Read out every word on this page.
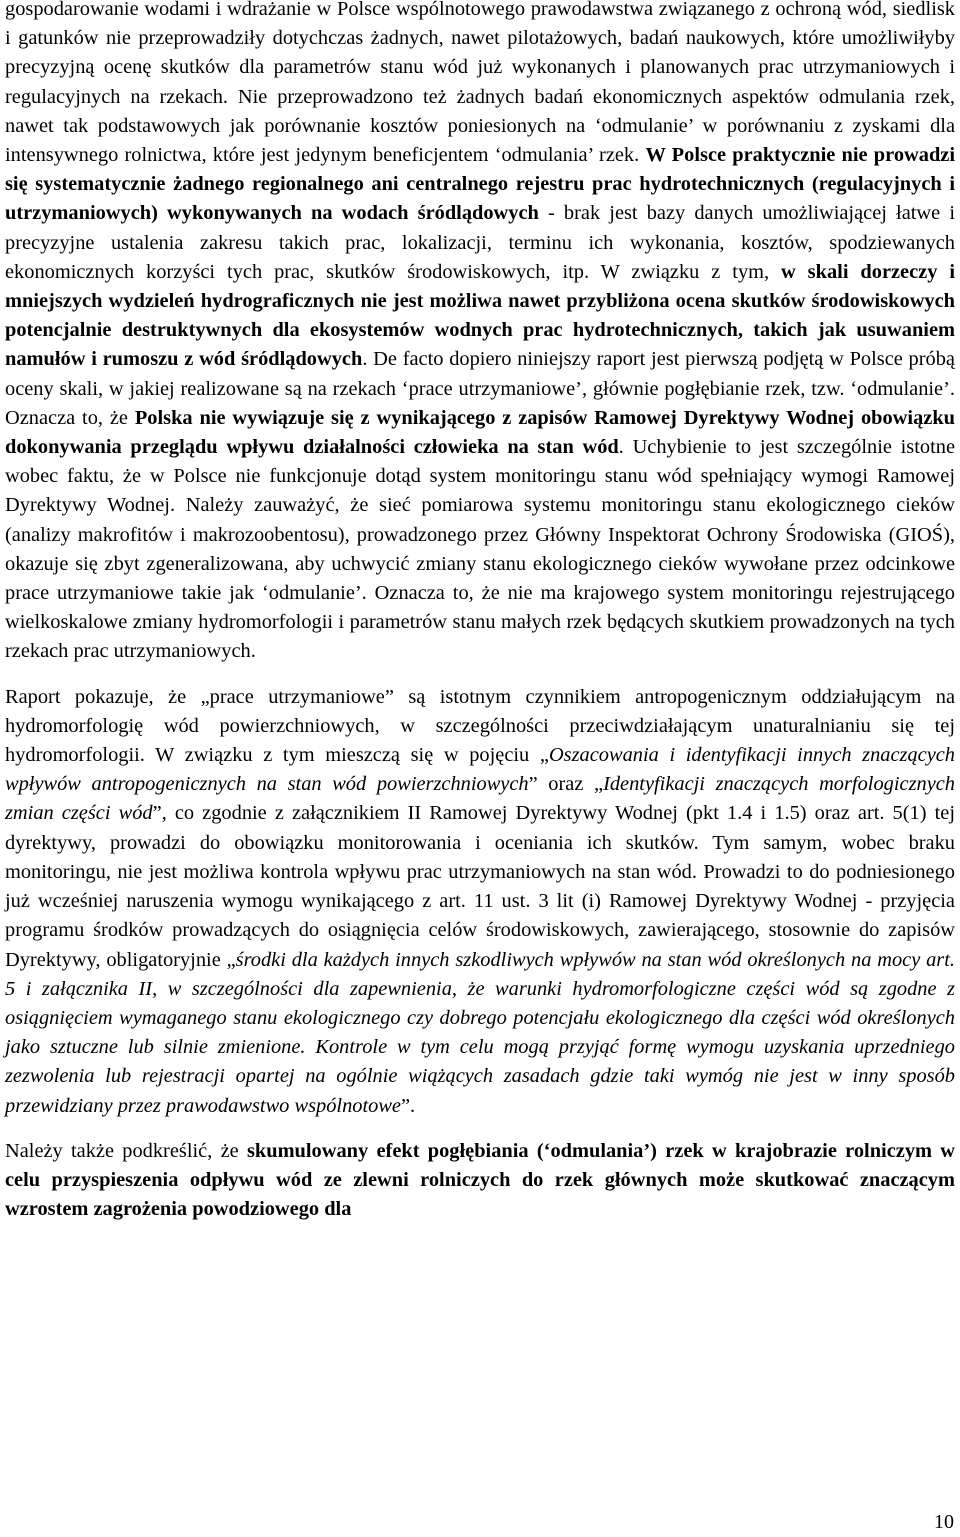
gospodarowanie wodami i wdrażanie w Polsce wspólnotowego prawodawstwa związanego z ochroną wód, siedlisk i gatunków nie przeprowadziły dotychczas żadnych, nawet pilotażowych, badań naukowych, które umożliwiłyby precyzyjną ocenę skutków dla parametrów stanu wód już wykonanych i planowanych prac utrzymaniowych i regulacyjnych na rzekach. Nie przeprowadzono też żadnych badań ekonomicznych aspektów odmulania rzek, nawet tak podstawowych jak porównanie kosztów poniesionych na ‘odmulanie’ w porównaniu z zyskami dla intensywnego rolnictwa, które jest jedynym beneficjentem ‘odmulania’ rzek. W Polsce praktycznie nie prowadzi się systematycznie żadnego regionalnego ani centralnego rejestru prac hydrotechnicznych (regulacyjnych i utrzymaniowych) wykonywanych na wodach śródlądowych - brak jest bazy danych umożliwiającej łatwe i precyzyjne ustalenia zakresu takich prac, lokalizacji, terminu ich wykonania, kosztów, spodziewanych ekonomicznych korzyści tych prac, skutków środowiskowych, itp. W związku z tym, w skali dorzeczy i mniejszych wydzieleń hydrograficznych nie jest możliwa nawet przybliżona ocena skutków środowiskowych potencjalnie destruktywnych dla ekosystemów wodnych prac hydrotechnicznych, takich jak usuwaniem namułów i rumoszu z wód śródlądowych. De facto dopiero niniejszy raport jest pierwszą podjętą w Polsce próbą oceny skali, w jakiej realizowane są na rzekach ‘prace utrzymaniowe’, głównie pogłębianie rzek, tzw. ‘odmulanie’. Oznacza to, że Polska nie wywiązuje się z wynikającego z zapisów Ramowej Dyrektywy Wodnej obowiązku dokonywania przeglądu wpływu działalności człowieka na stan wód. Uchybienie to jest szczególnie istotne wobec faktu, że w Polsce nie funkcjonuje dotąd system monitoringu stanu wód spełniający wymogi Ramowej Dyrektywy Wodnej. Należy zauważyć, że sieć pomiarowa systemu monitoringu stanu ekologicznego cieków (analizy makrofitów i makrozoobentosu), prowadzonego przez Główny Inspektorat Ochrony Środowiska (GIOŚ), okazuje się zbyt zgeneralizowana, aby uchwycić zmiany stanu ekologicznego cieków wywołane przez odcinkowe prace utrzymaniowe takie jak ‘odmulanie’. Oznacza to, że nie ma krajowego system monitoringu rejestrującego wielkoskalowe zmiany hydromorfologii i parametrów stanu małych rzek będących skutkiem prowadzonych na tych rzekach prac utrzymaniowych.

Raport pokazuje, że „prace utrzymaniowe” są istotnym czynnikiem antropogenicznym oddziałującym na hydromorfologię wód powierzchniowych, w szczególności przeciwdziałającym unaturalnianiu się tej hydromorfologii. W związku z tym mieszczą się w pojęciu „Oszacowania i identyfikacji innych znaczących wpływów antropogenicznych na stan wód powierzchniowych” oraz „Identyfikacji znaczących morfologicznych zmian części wód”, co zgodnie z załącznikiem II Ramowej Dyrektywy Wodnej (pkt 1.4 i 1.5) oraz art. 5(1) tej dyrektywy, prowadzi do obowiązku monitorowania i oceniania ich skutków. Tym samym, wobec braku monitoringu, nie jest możliwa kontrola wpływu prac utrzymaniowych na stan wód. Prowadzi to do podniesionego już wcześniej naruszenia wymogu wynikającego z art. 11 ust. 3 lit (i) Ramowej Dyrektywy Wodnej - przyjęcia programu środków prowadzących do osiągnięcia celów środowiskowych, zawierającego, stosownie do zapisów Dyrektywy, obligatoryjnie „środki dla każdych innych szkodliwych wpływów na stan wód określonych na mocy art. 5 i załącznika II, w szczególności dla zapewnienia, że warunki hydromorfologiczne części wód są zgodne z osiągnięciem wymaganego stanu ekologicznego czy dobrego potencjału ekologicznego dla części wód określonych jako sztuczne lub silnie zmienione. Kontrole w tym celu mogą przyjąć formę wymogu uzyskania uprzedniego zezwolenia lub rejestracji opartej na ogólnie wiążących zasadach gdzie taki wymóg nie jest w inny sposób przewidziany przez prawodawstwo wspólnotowe”.

Należy także podkreślić, że skumulowany efekt pogłębiania (‘odmulania’) rzek w krajobrazie rolniczym w celu przyspieszenia odpływu wód ze zlewni rolniczych do rzek głównych może skutkować znaczącym wzrostem zagrożenia powodziowego dla

10
